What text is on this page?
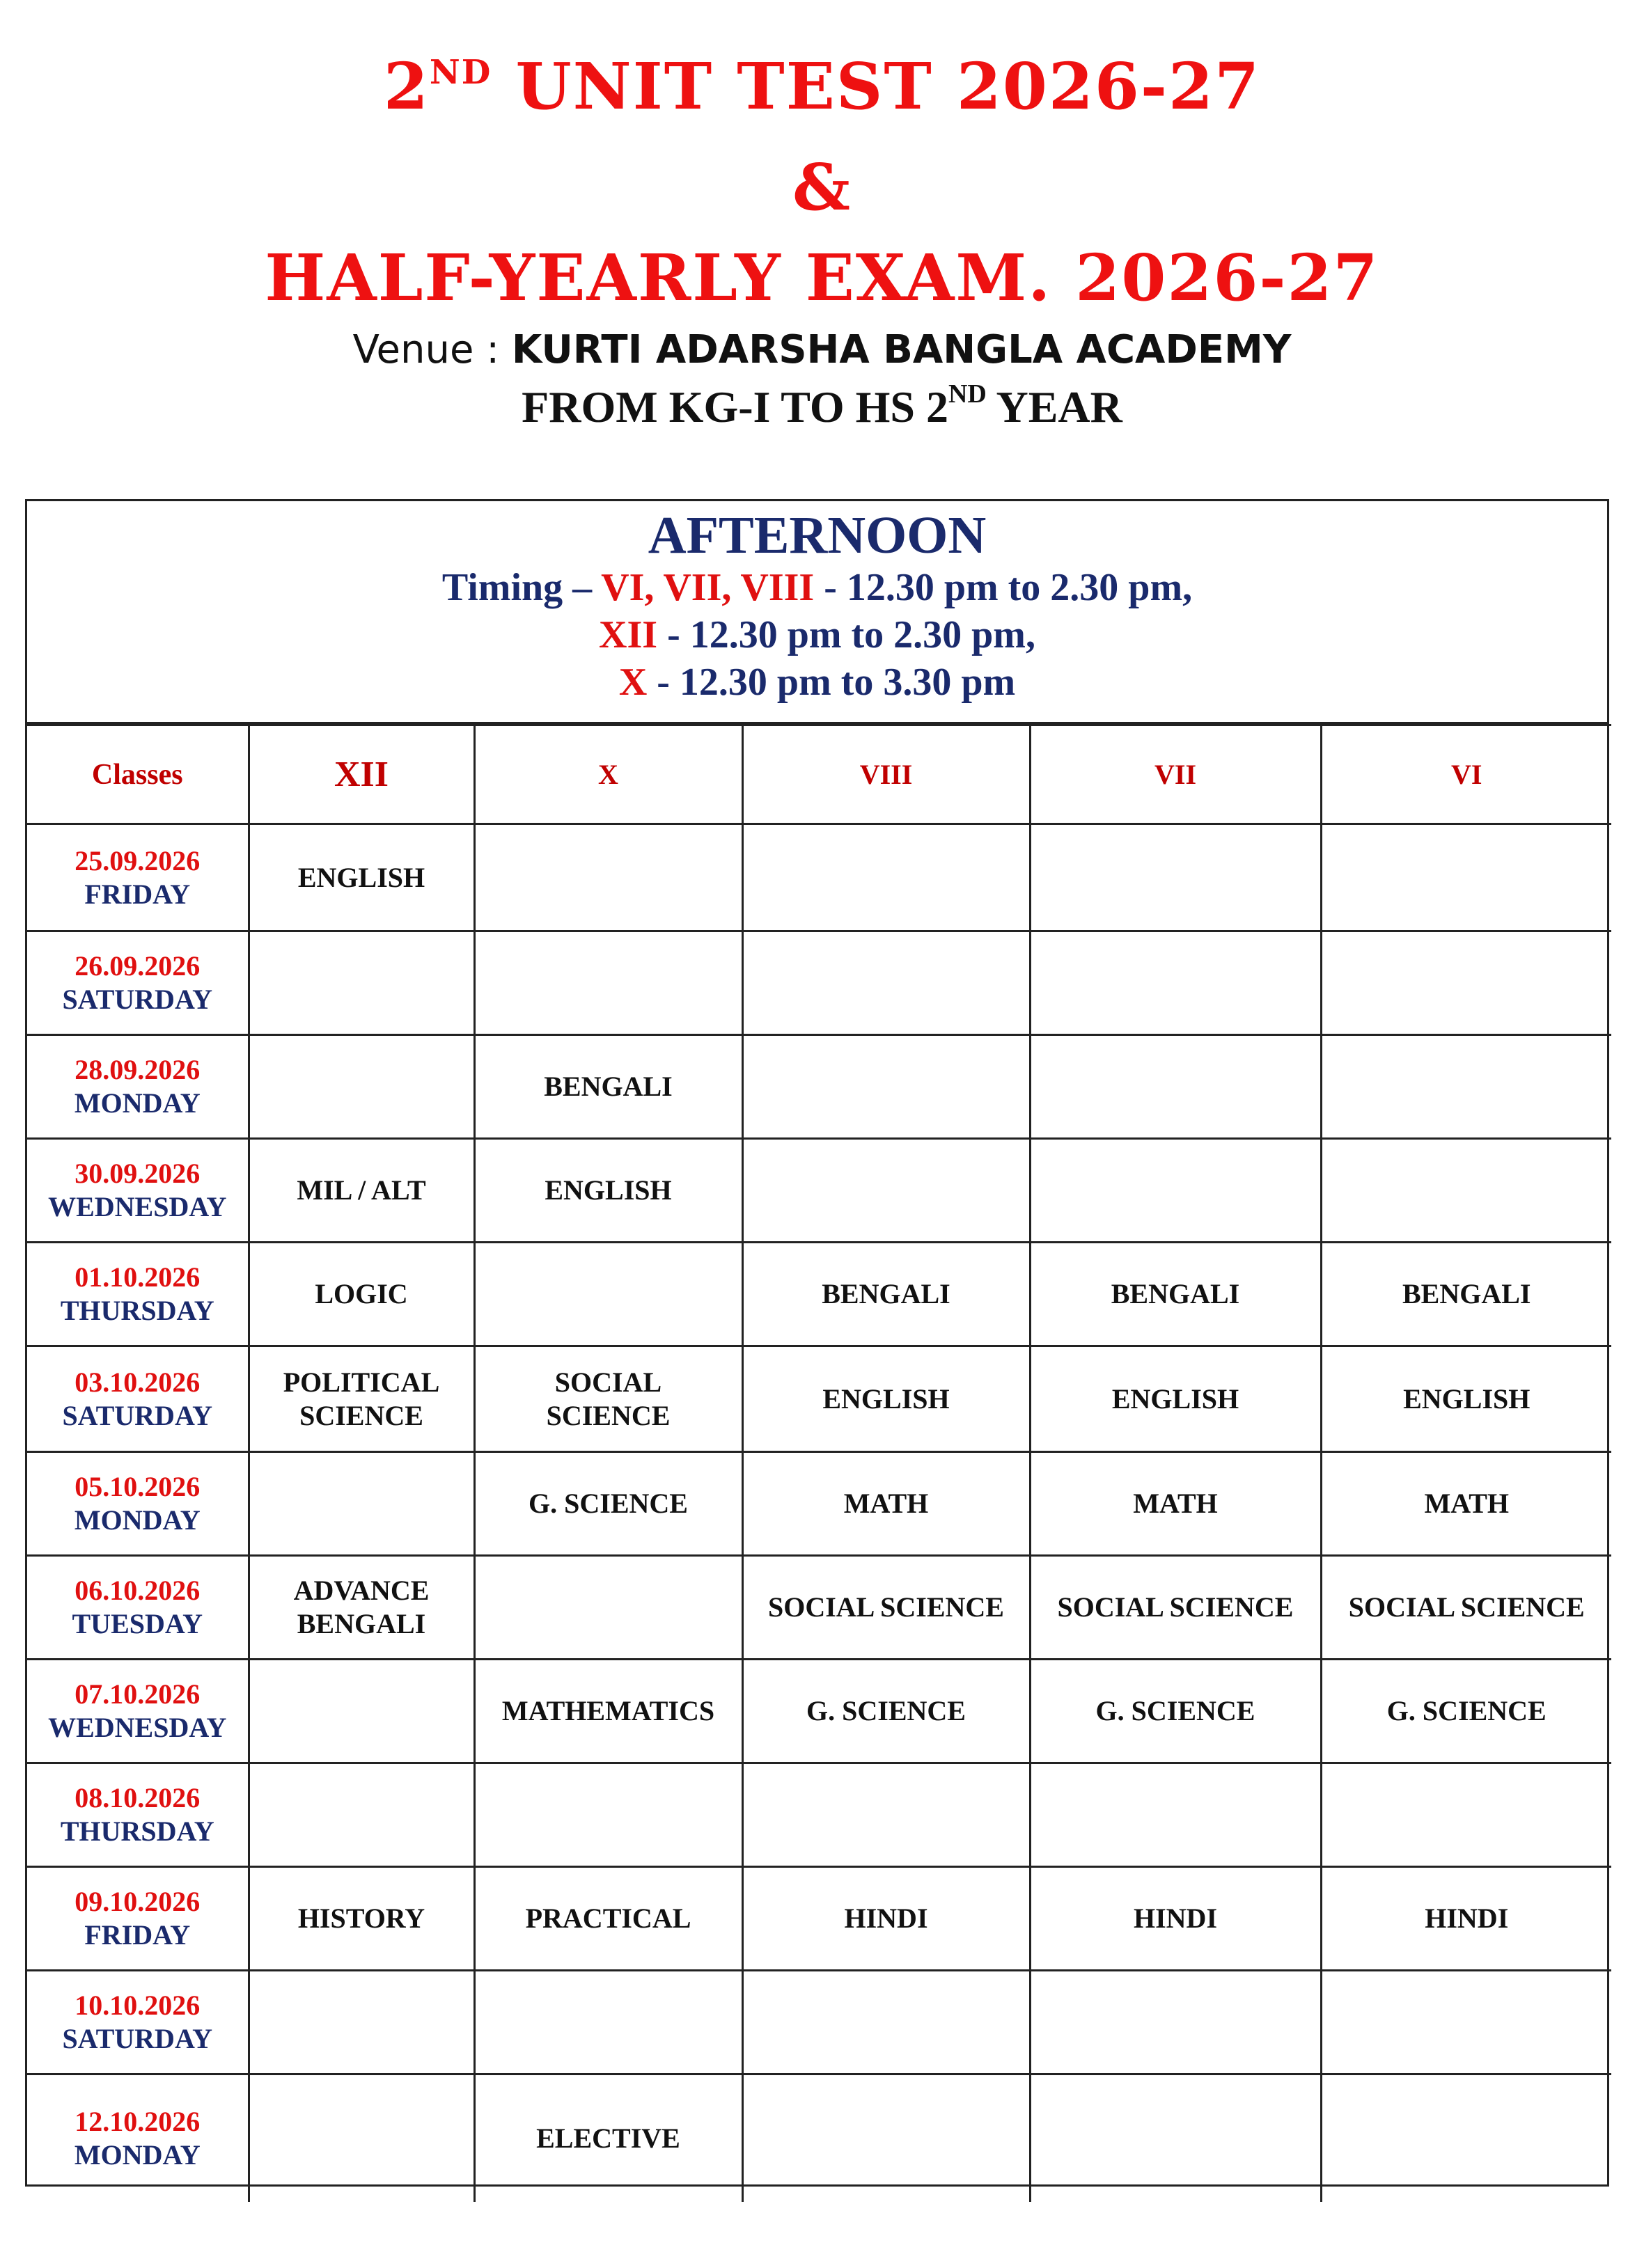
2ND UNIT TEST 2026-27
&
HALF-YEARLY EXAM. 2026-27
Venue : KURTI ADARSHA BANGLA ACADEMY
FROM KG-I TO HS 2ND YEAR
AFTERNOON
Timing – VI, VII, VIII - 12.30 pm to 2.30 pm,
XII - 12.30 pm to 2.30 pm,
X - 12.30 pm to 3.30 pm
Classes	XII	X	VIII	VII	VI

25.09.2026
FRIDAY	ENGLISH				

26.09.2026
SATURDAY					

28.09.2026
MONDAY		BENGALI			

30.09.2026
WEDNESDAY	MIL / ALT	ENGLISH			

01.10.2026
THURSDAY	LOGIC		BENGALI	BENGALI	BENGALI

03.10.2026
SATURDAY	POLITICAL
SCIENCE	SOCIAL
SCIENCE	ENGLISH	ENGLISH	ENGLISH

05.10.2026
MONDAY		G. SCIENCE	MATH	MATH	MATH

06.10.2026
TUESDAY	ADVANCE
BENGALI		SOCIAL SCIENCE	SOCIAL SCIENCE	SOCIAL SCIENCE

07.10.2026
WEDNESDAY		MATHEMATICS	G. SCIENCE	G. SCIENCE	G. SCIENCE

08.10.2026
THURSDAY					

09.10.2026
FRIDAY	HISTORY	PRACTICAL	HINDI	HINDI	HINDI

10.10.2026
SATURDAY					

12.10.2026
MONDAY		ELECTIVE			
